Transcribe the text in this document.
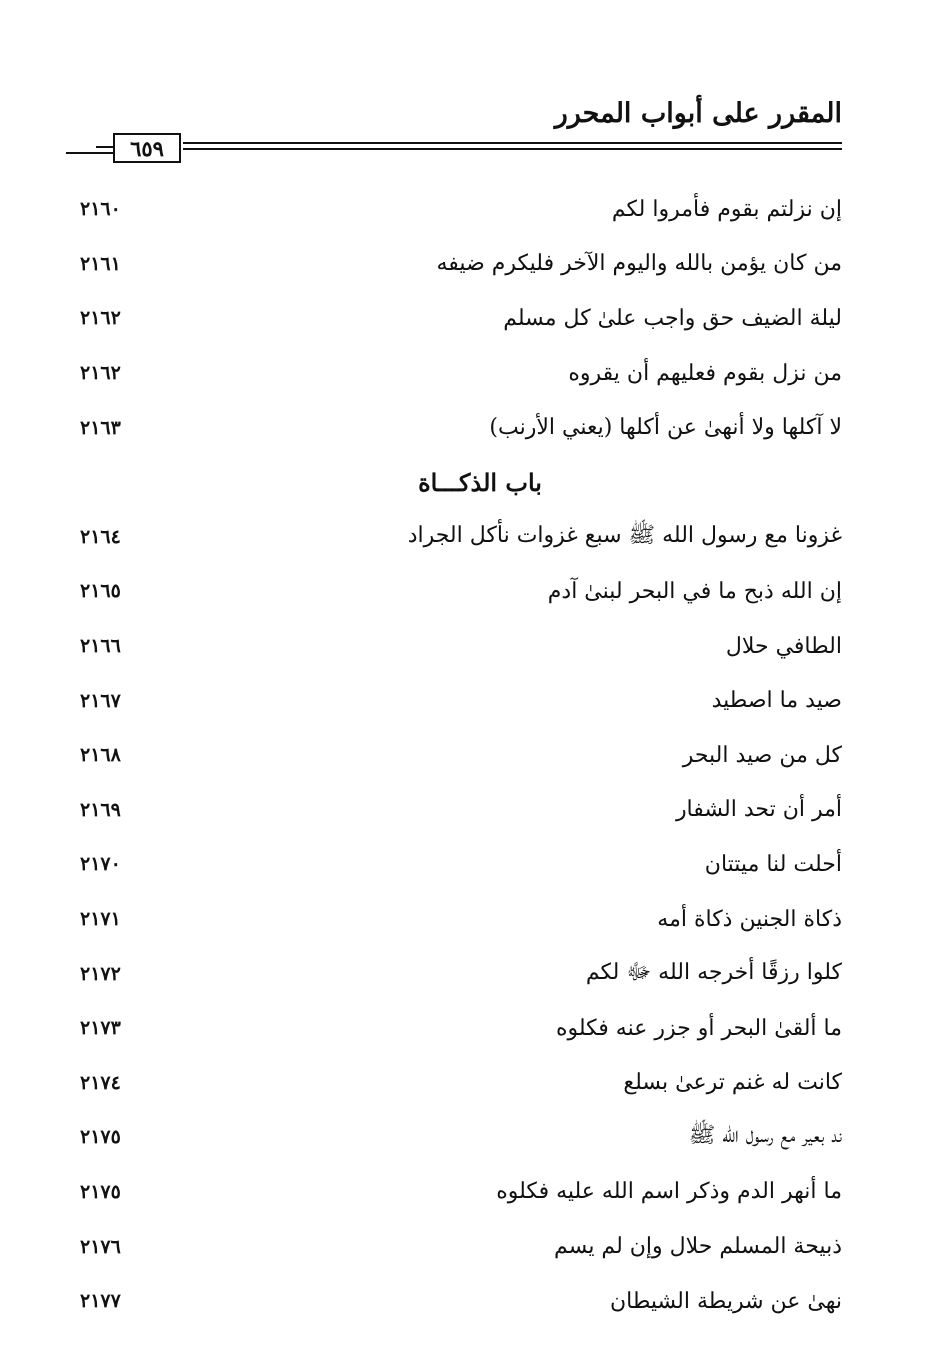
المقرر على أبواب المحرر
٦٥٩
إن نزلتم بقوم فأمروا لكم
٢١٦٠
من كان يؤمن بالله واليوم الآخر فليكرم ضيفه
٢١٦١
ليلة الضيف حق واجب علىٰ كل مسلم
٢١٦٢
من نزل بقوم فعليهم أن يقروه
٢١٦٢
لا آكلها ولا أنهىٰ عن أكلها (يعني الأرنب)
٢١٦٣
باب الذكـــاة
غزونا مع رسول الله ﷺ سبع غزوات نأكل الجراد
٢١٦٤
إن الله ذبح ما في البحر لبنىٰ آدم
٢١٦٥
الطافي حلال
٢١٦٦
صيد ما اصطيد
٢١٦٧
كل من صيد البحر
٢١٦٨
أمر أن تحد الشفار
٢١٦٩
أحلت لنا ميتتان
٢١٧٠
ذكاة الجنين ذكاة أمه
٢١٧١
كلوا رزقًا أخرجه الله ﷻ لكم
٢١٧٢
ما ألقىٰ البحر أو جزر عنه فكلوه
٢١٧٣
كانت له غنم ترعىٰ بسلع
٢١٧٤
ند بعير مع رسول الله ﷺ
٢١٧٥
ما أنهر الدم وذكر اسم الله عليه فكلوه
٢١٧٥
ذبيحة المسلم حلال وإن لم يسم
٢١٧٦
نهىٰ عن شريطة الشيطان
٢١٧٧
